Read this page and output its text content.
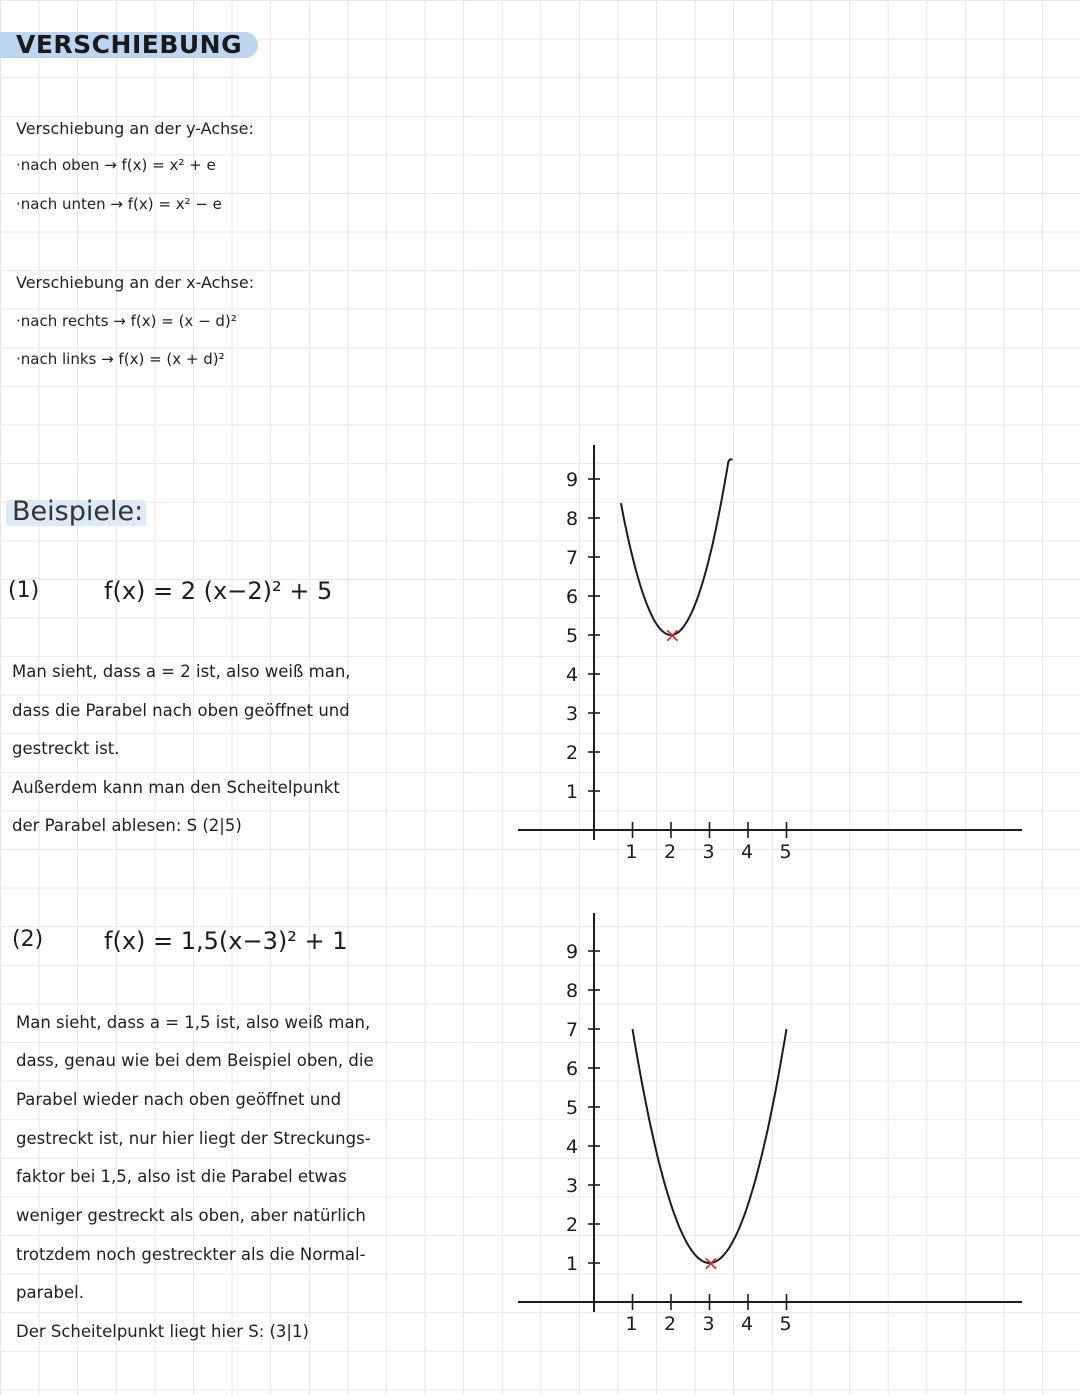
VERSCHIEBUNG
Verschiebung an der y-Achse:
·nach oben → f(x) = x² + e
·nach unten → f(x) = x² − e
Verschiebung an der x-Achse:
·nach rechts → f(x) = (x − d)²
·nach links → f(x) = (x + d)²
Beispiele:
(1)	f(x) = 2 (x−2)² + 5
Man sieht, dass a = 2 ist, also weiß man,
dass die Parabel nach oben geöffnet und
gestreckt ist.
Außerdem kann man den Scheitelpunkt
der Parabel ablesen: S (2|5)
(2)	f(x) = 1,5(x−3)² + 1
Man sieht, dass a = 1,5 ist, also weiß man,
dass, genau wie bei dem Beispiel oben, die
Parabel wieder nach oben geöffnet und
gestreckt ist, nur hier liegt der Streckungs-
faktor bei 1,5, also ist die Parabel etwas
weniger gestreckt als oben, aber natürlich
trotzdem noch gestreckter als die Normal-
parabel.
Der Scheitelpunkt liegt hier S: (3|1)
1
2
3
4
5
6
7
8
9
1 2 3 4 5
×
1
2
3
4
5
6
7
8
9
1 2 3 4 5
×
